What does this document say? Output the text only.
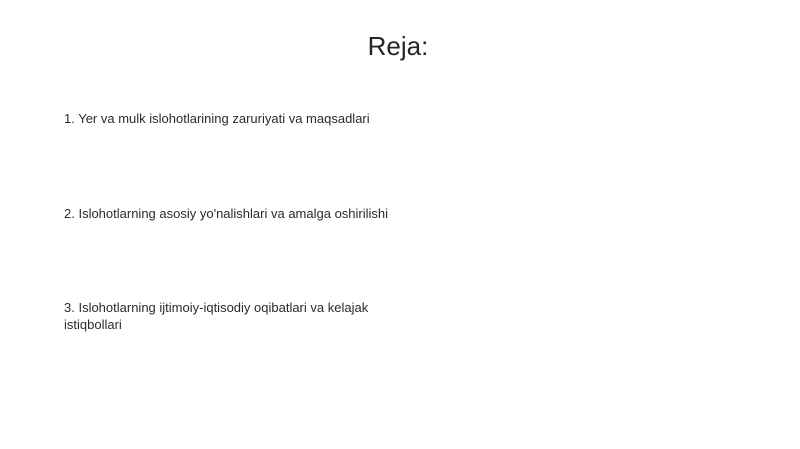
Reja:
1. Yer va mulk islohotlarining zaruriyati va maqsadlari
2. Islohotlarning asosiy yo'nalishlari va amalga oshirilishi
3. Islohotlarning ijtimoiy-iqtisodiy oqibatlari va kelajak istiqbollari
